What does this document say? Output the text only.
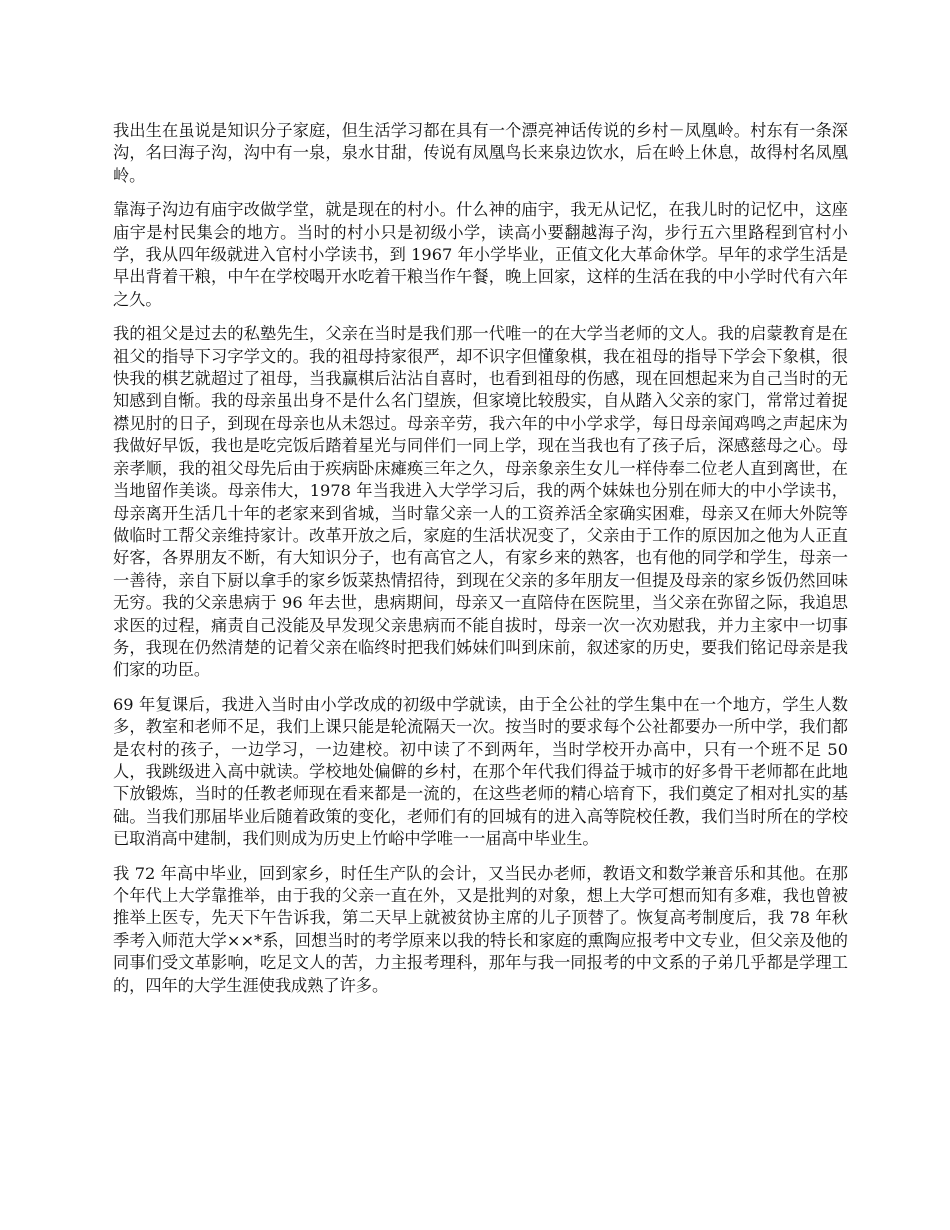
我出生在虽说是知识分子家庭，但生活学习都在具有一个漂亮神话传说的乡村－凤凰岭。村东有一条深沟，名曰海子沟，沟中有一泉，泉水甘甜，传说有凤凰鸟长来泉边饮水，后在岭上休息，故得村名凤凰岭。

靠海子沟边有庙宇改做学堂，就是现在的村小。什么神的庙宇，我无从记忆，在我儿时的记忆中，这座庙宇是村民集会的地方。当时的村小只是初级小学，读高小要翻越海子沟，步行五六里路程到官村小学，我从四年级就进入官村小学读书，到 1967 年小学毕业，正值文化大革命休学。早年的求学生活是早出背着干粮，中午在学校喝开水吃着干粮当作午餐，晚上回家，这样的生活在我的中小学时代有六年之久。

我的祖父是过去的私塾先生，父亲在当时是我们那一代唯一的在大学当老师的文人。我的启蒙教育是在祖父的指导下习字学文的。我的祖母持家很严，却不识字但懂象棋，我在祖母的指导下学会下象棋，很快我的棋艺就超过了祖母，当我赢棋后沾沾自喜时，也看到祖母的伤感，现在回想起来为自己当时的无知感到自惭。我的母亲虽出身不是什么名门望族，但家境比较殷实，自从踏入父亲的家门，常常过着捉襟见肘的日子，到现在母亲也从未怨过。母亲辛劳，我六年的中小学求学，每日母亲闻鸡鸣之声起床为我做好早饭，我也是吃完饭后踏着星光与同伴们一同上学，现在当我也有了孩子后，深感慈母之心。母亲孝顺，我的祖父母先后由于疾病卧床瘫痪三年之久，母亲象亲生女儿一样侍奉二位老人直到离世，在当地留作美谈。母亲伟大，1978 年当我进入大学学习后，我的两个妹妹也分别在师大的中小学读书，母亲离开生活几十年的老家来到省城，当时靠父亲一人的工资养活全家确实困难，母亲又在师大外院等做临时工帮父亲维持家计。改革开放之后，家庭的生活状况变了，父亲由于工作的原因加之他为人正直好客，各界朋友不断，有大知识分子，也有高官之人，有家乡来的熟客，也有他的同学和学生，母亲一一善待，亲自下厨以拿手的家乡饭菜热情招待，到现在父亲的多年朋友一但提及母亲的家乡饭仍然回味无穷。我的父亲患病于 96 年去世，患病期间，母亲又一直陪侍在医院里，当父亲在弥留之际，我追思求医的过程，痛责自己没能及早发现父亲患病而不能自拔时，母亲一次一次劝慰我，并力主家中一切事务，我现在仍然清楚的记着父亲在临终时把我们姊妹们叫到床前，叙述家的历史，要我们铭记母亲是我们家的功臣。

69 年复课后，我进入当时由小学改成的初级中学就读，由于全公社的学生集中在一个地方，学生人数多，教室和老师不足，我们上课只能是轮流隔天一次。按当时的要求每个公社都要办一所中学，我们都是农村的孩子，一边学习，一边建校。初中读了不到两年，当时学校开办高中，只有一个班不足 50 人，我跳级进入高中就读。学校地处偏僻的乡村，在那个年代我们得益于城市的好多骨干老师都在此地下放锻炼，当时的任教老师现在看来都是一流的，在这些老师的精心培育下，我们奠定了相对扎实的基础。当我们那届毕业后随着政策的变化，老师们有的回城有的进入高等院校任教，我们当时所在的学校已取消高中建制，我们则成为历史上竹峪中学唯一一届高中毕业生。

我 72 年高中毕业，回到家乡，时任生产队的会计，又当民办老师，教语文和数学兼音乐和其他。在那个年代上大学靠推举，由于我的父亲一直在外，又是批判的对象，想上大学可想而知有多难，我也曾被推举上医专，先天下午告诉我，第二天早上就被贫协主席的儿子顶替了。恢复高考制度后，我 78 年秋季考入师范大学××*系，回想当时的考学原来以我的特长和家庭的熏陶应报考中文专业，但父亲及他的同事们受文革影响，吃足文人的苦，力主报考理科，那年与我一同报考的中文系的子弟几乎都是学理工的，四年的大学生涯使我成熟了许多。
